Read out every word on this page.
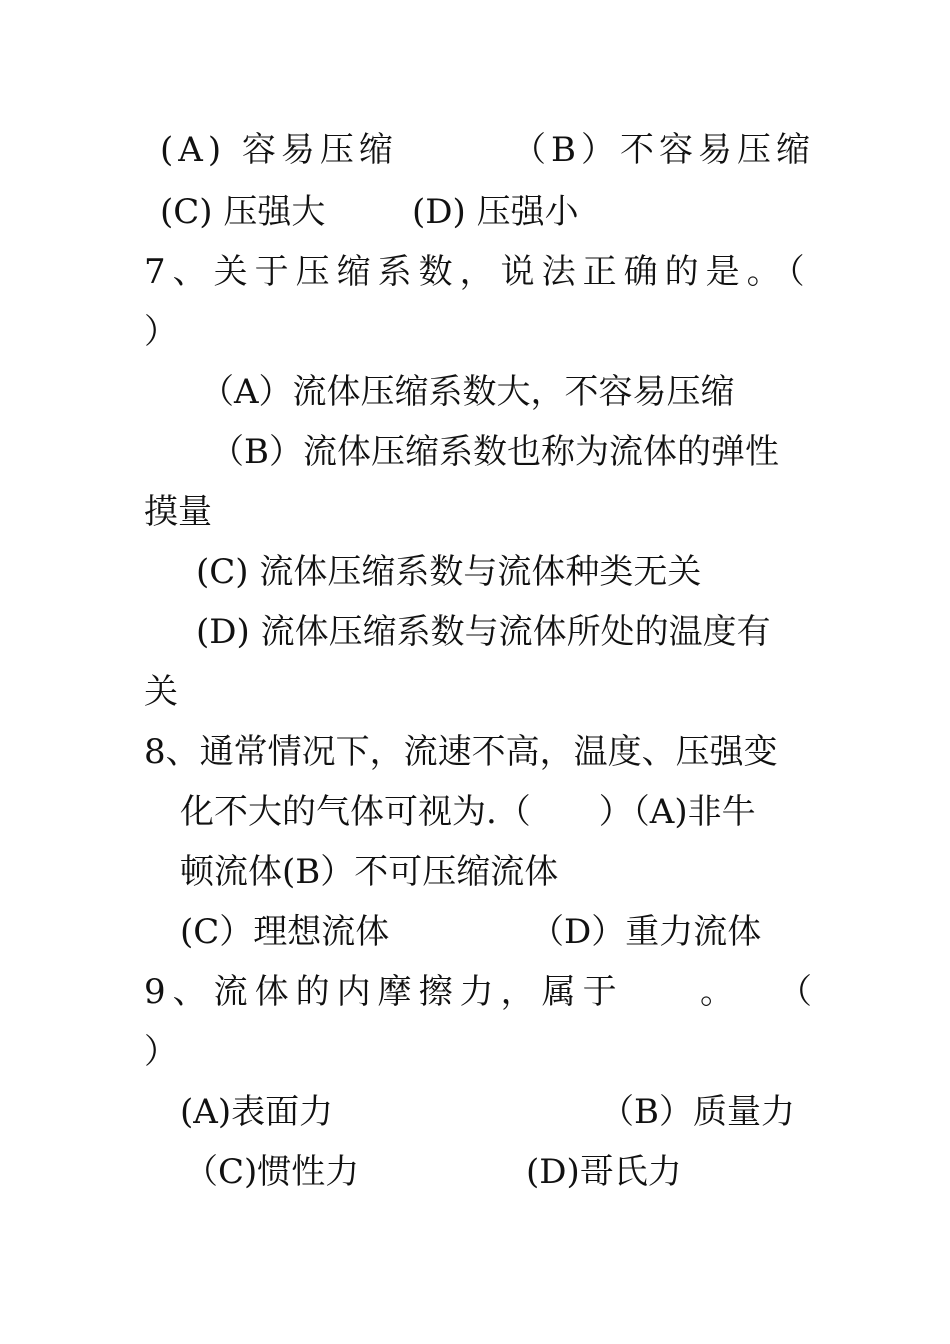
(A) 容易压缩	（B）不容易压缩
(C) 压强大	(D) 压强小
7、关于压缩系数，说法正确的是。（
）
（A）流体压缩系数大，不容易压缩
（B）流体压缩系数也称为流体的弹性
摸量
(C) 流体压缩系数与流体种类无关
(D) 流体压缩系数与流体所处的温度有
关
8、通常情况下，流速不高，温度、压强变
化不大的气体可视为.（　　）（A)非牛
顿流体(B）不可压缩流体
(C）理想流体	（D）重力流体
9、流体的内摩擦力，属于 。 （
）
(A)表面力	（B）质量力
（C)惯性力	(D)哥氏力
